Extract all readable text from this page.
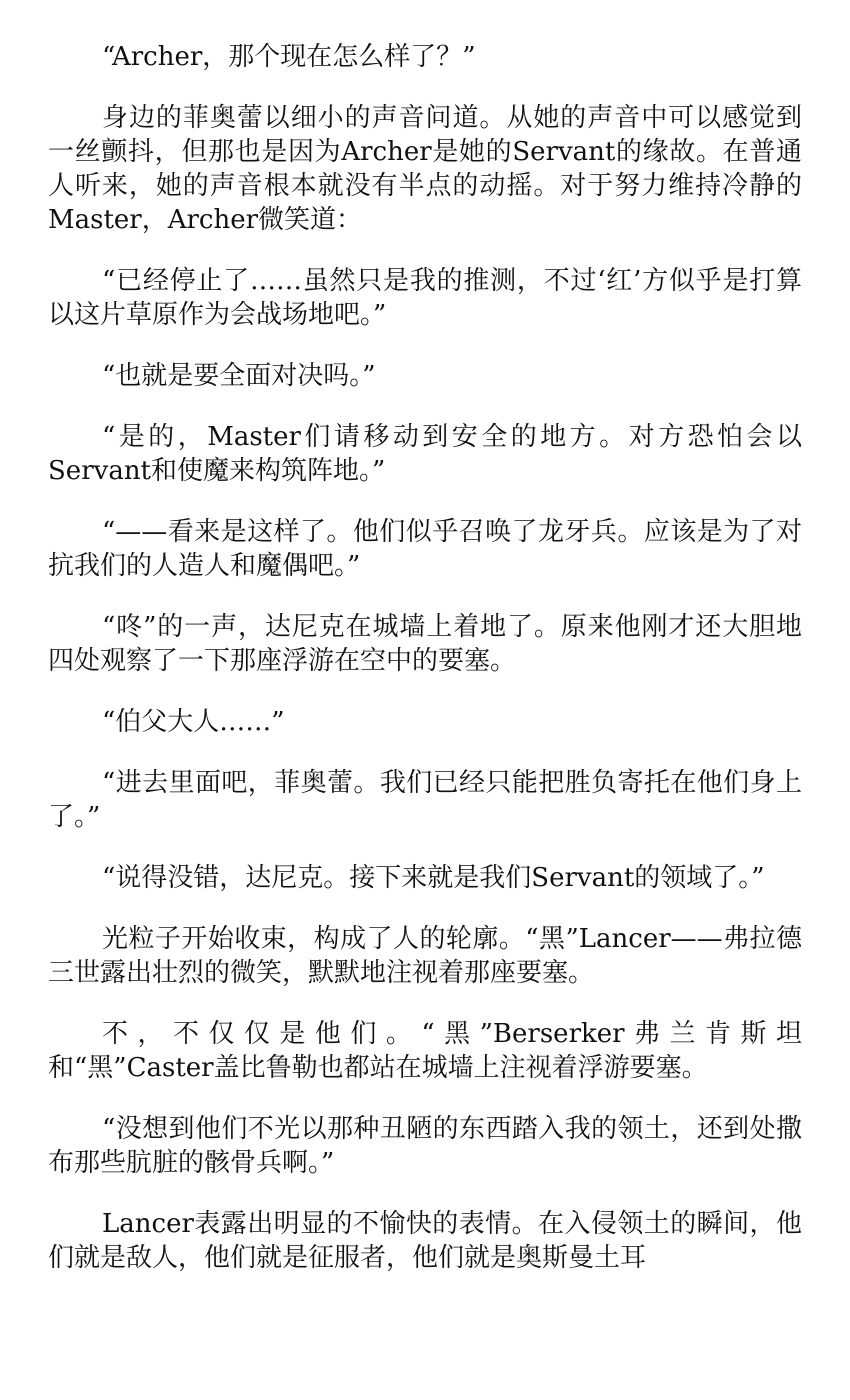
“Archer，那个现在怎么样了？”

身边的菲奥蕾以细小的声音问道。从她的声音中可以感觉到一丝颤抖，但那也是因为Archer是她的Servant的缘故。在普通人听来，她的声音根本就没有半点的动摇。对于努力维持冷静的Master，Archer微笑道：

“已经停止了……虽然只是我的推测，不过‘红’方似乎是打算以这片草原作为会战场地吧。”

“也就是要全面对决吗。”

“是的，Master们请移动到安全的地方。对方恐怕会以Servant和使魔来构筑阵地。”

“——看来是这样了。他们似乎召唤了龙牙兵。应该是为了对抗我们的人造人和魔偶吧。”

“咚”的一声，达尼克在城墙上着地了。原来他刚才还大胆地四处观察了一下那座浮游在空中的要塞。

“伯父大人……”

“进去里面吧，菲奥蕾。我们已经只能把胜负寄托在他们身上了。”

“说得没错，达尼克。接下来就是我们Servant的领域了。”

光粒子开始收束，构成了人的轮廓。“黑”Lancer——弗拉德三世露出壮烈的微笑，默默地注视着那座要塞。

不，不仅仅是他们。“黑”Berserker弗兰肯斯坦和“黑”Caster盖比鲁勒也都站在城墙上注视着浮游要塞。

“没想到他们不光以那种丑陋的东西踏入我的领土，还到处撒布那些肮脏的骸骨兵啊。”

Lancer表露出明显的不愉快的表情。在入侵领土的瞬间，他们就是敌人，他们就是征服者，他们就是奥斯曼土耳
